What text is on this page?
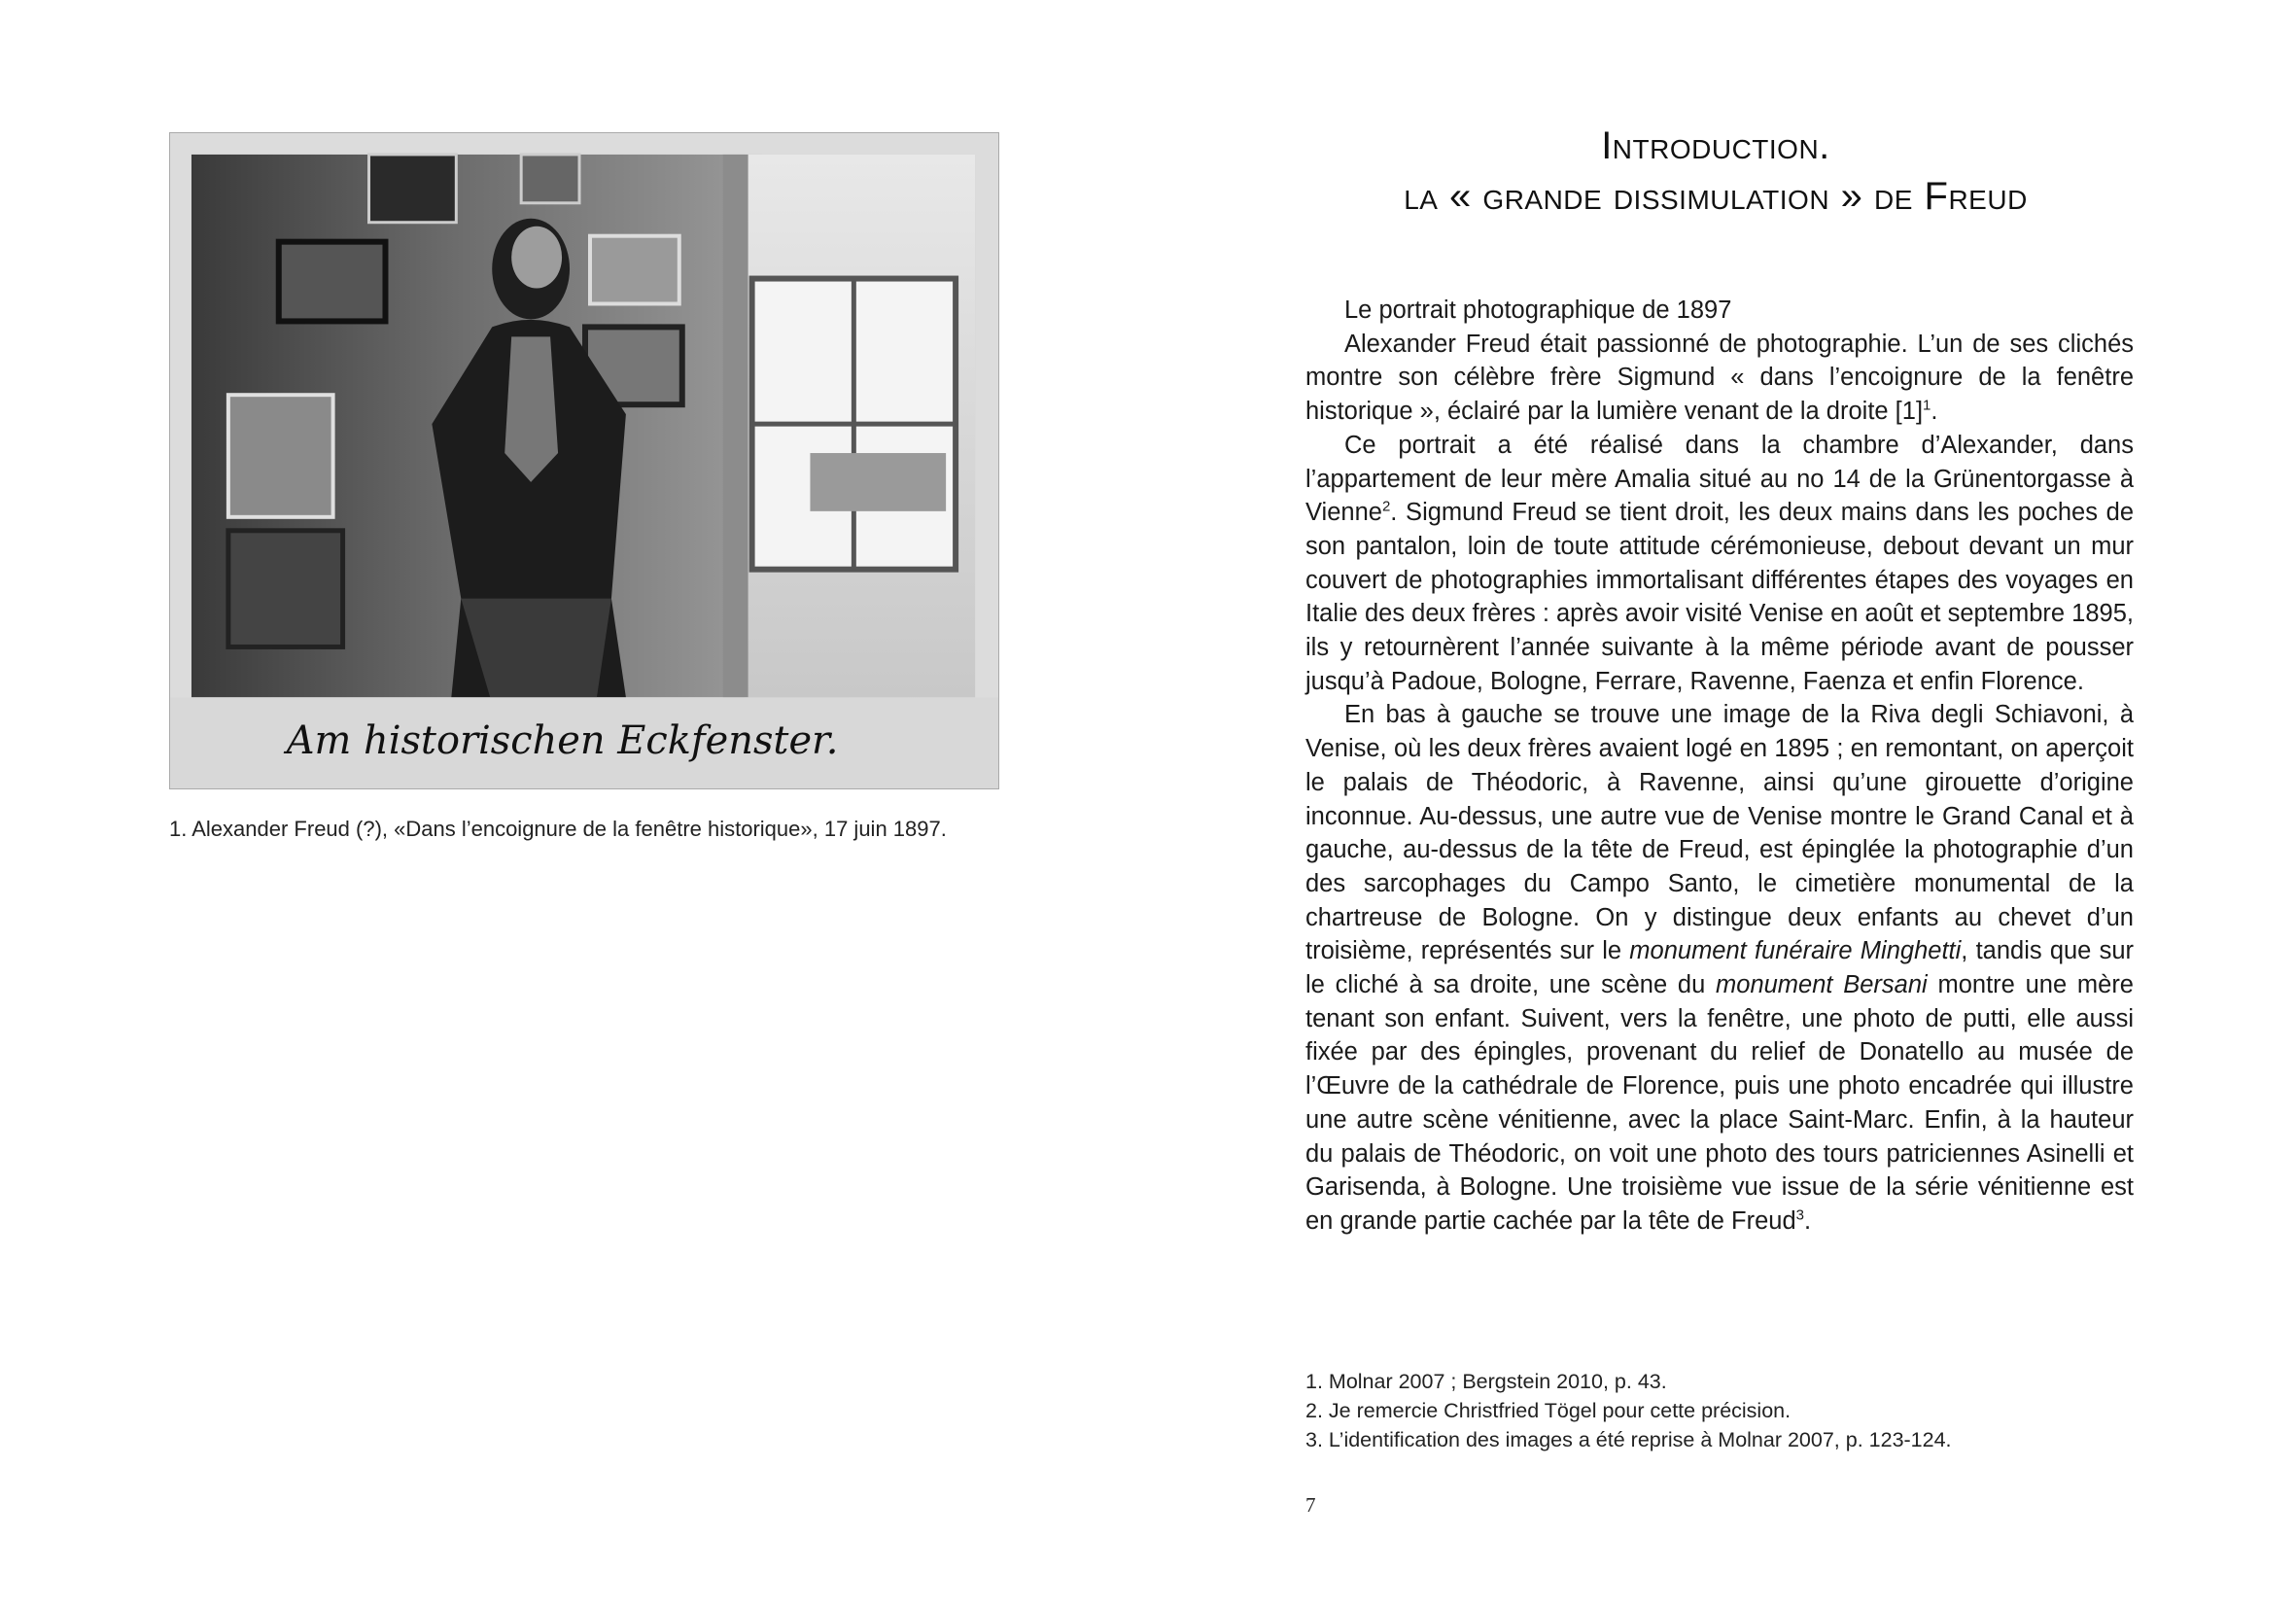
Am historischen Eckfenster.
1. Alexander Freud (?), «Dans l’encoignure de la fenêtre historique», 17 juin 1897.
Introduction.
la « grande dissimulation » de Freud

Le portrait photographique de 1897

Alexander Freud était passionné de photographie. L’un de ses clichés montre son célèbre frère Sigmund « dans l’encoignure de la fenêtre historique », éclairé par la lumière venant de la droite $[1]^1$.

Ce portrait a été réalisé dans la chambre d’Alexander, dans l’appartement de leur mère Amalia situé au no 14 de la Grünentorgasse à Vienne$^2$. Sigmund Freud se tient droit, les deux mains dans les poches de son pantalon, loin de toute attitude cérémonieuse, debout devant un mur couvert de photographies immortalisant différentes étapes des voyages en Italie des deux frères : après avoir visité Venise en août et septembre 1895, ils y retournèrent l’année suivante à la même période avant de pousser jusqu’à Padoue, Bologne, Ferrare, Ravenne, Faenza et enfin Florence.

En bas à gauche se trouve une image de la Riva degli Schiavoni, à Venise, où les deux frères avaient logé en 1895 ; en remontant, on aperçoit le palais de Théodoric, à Ravenne, ainsi qu’une girouette d’origine inconnue. Au-dessus, une autre vue de Venise montre le Grand Canal et à gauche, au-dessus de la tête de Freud, est épinglée la photographie d’un des sarcophages du Campo Santo, le cimetière monumental de la chartreuse de Bologne. On y distingue deux enfants au chevet d’un troisième, représentés sur le monument funéraire Minghetti, tandis que sur le cliché à sa droite, une scène du monument Bersani montre une mère tenant son enfant. Suivent, vers la fenêtre, une photo de putti, elle aussi fixée par des épingles, provenant du relief de Donatello au musée de l’Œuvre de la cathédrale de Florence, puis une photo encadrée qui illustre une autre scène vénitienne, avec la place Saint-Marc. Enfin, à la hauteur du palais de Théodoric, on voit une photo des tours patriciennes Asinelli et Garisenda, à Bologne. Une troisième vue issue de la série vénitienne est en grande partie cachée par la tête de Freud$^3$.

1. Molnar 2007 ; Bergstein 2010, p. 43.
2. Je remercie Christfried Tögel pour cette précision.
3. L’identification des images a été reprise à Molnar 2007, p. 123-124.
7
